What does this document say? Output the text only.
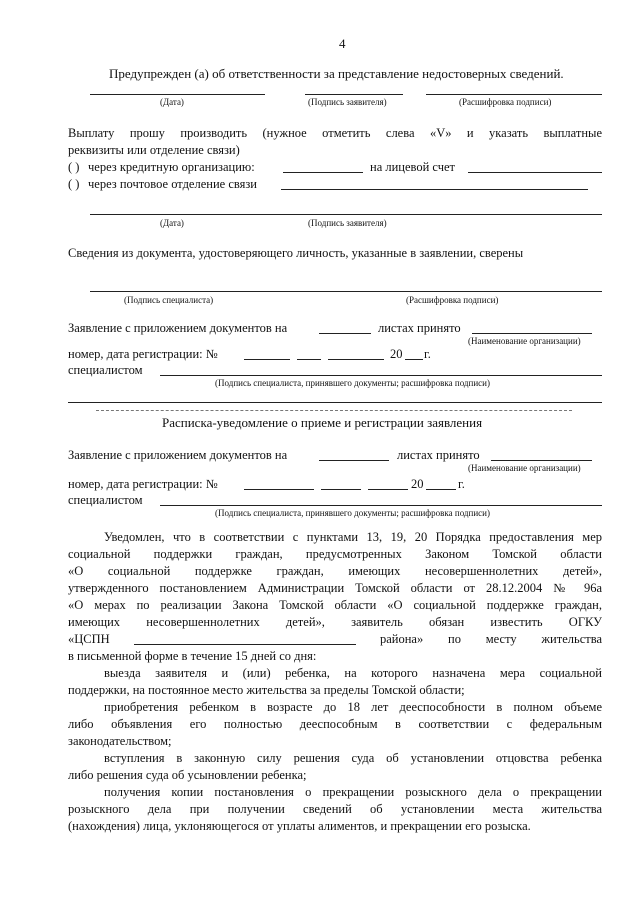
4
Предупрежден (а) об ответственности за представление недостоверных сведений.
(Дата)	(Подпись заявителя)	(Расшифровка подписи)
Выплату прошу производить (нужное отметить слева «V» и указать выплатные
реквизиты или отделение связи)
( ) через кредитную организацию:	на лицевой счет
( ) через почтовое отделение связи
(Дата)	(Подпись заявителя)
Сведения из документа, удостоверяющего личность, указанные в заявлении, сверены
(Подпись специалиста)	(Расшифровка подписи)
Заявление с приложением документов на	листах принято
(Наименование организации)
номер, дата регистрации: №	20 г.
специалистом
(Подпись специалиста, принявшего документы; расшифровка подписи)
Расписка-уведомление о приеме и регистрации заявления
Заявление с приложением документов на	листах принято
(Наименование организации)
номер, дата регистрации: №	20	г.
специалистом
(Подпись специалиста, принявшего документы; расшифровка подписи)
Уведомлен, что в соответствии с пунктами 13, 19, 20 Порядка предоставления мер
социальной поддержки граждан, предусмотренных Законом Томской области
«О социальной поддержке граждан, имеющих несовершеннолетних детей»,
утвержденного постановлением Администрации Томской области от 28.12.2004 № 96а
«О мерах по реализации Закона Томской области «О социальной поддержке граждан,
имеющих несовершеннолетних детей», заявитель обязан известить ОГКУ
«ЦСПН	района» по месту жительства
в письменной форме в течение 15 дней со дня:
выезда заявителя и (или) ребенка, на которого назначена мера социальной
поддержки, на постоянное место жительства за пределы Томской области;
приобретения ребенком в возрасте до 18 лет дееспособности в полном объеме
либо объявления его полностью дееспособным в соответствии с федеральным
законодательством;
вступления в законную силу решения суда об установлении отцовства ребенка
либо решения суда об усыновлении ребенка;
получения копии постановления о прекращении розыскного дела о прекращении
розыскного дела при получении сведений об установлении места жительства
(нахождения) лица, уклоняющегося от уплаты алиментов, и прекращении его розыска.
